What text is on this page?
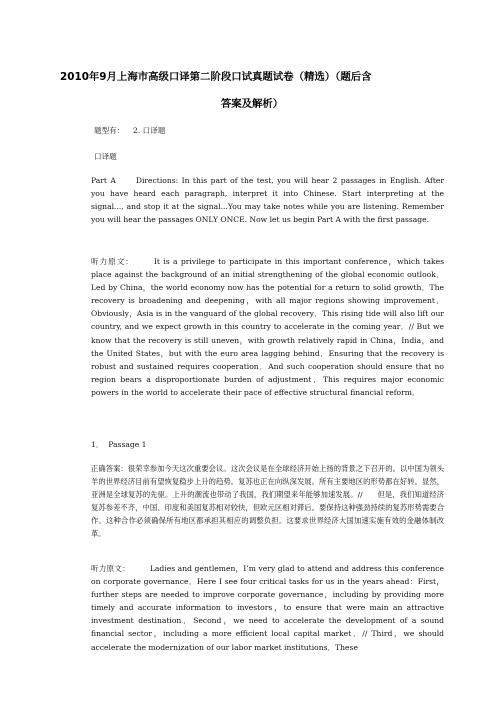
2010年9月上海市高级口译第二阶段口试真题试卷（精选）（题后含
答案及解析）
题型有： 2. 口译题
口译题
Part A	Directions: In this part of the test, you will hear 2 passages in English. After you have heard each paragraph, interpret it into Chinese. Start interpreting at the signal..., and stop it at the signal...You may take notes while you are listening. Remember you will hear the passages ONLY ONCE. Now let us begin Part A with the first passage.
听力原文：	It is a privilege to participate in this important conference，which takes place against the background of an initial strengthening of the global economic outlook．Led by China，the world economy now has the potential for a return to solid growth．The recovery is broadening and deepening，with all major regions showing improvement．Obviously，Asia is in the vanguard of the global recovery．This rising tide will also lift our country, and we expect growth in this country to accelerate in the coming year．// But we know that the recovery is still uneven，with growth relatively rapid in China，India，and the United States，but with the euro area lagging behind．Ensuring that the recovery is robust and sustained requires cooperation．And such cooperation should ensure that no region bears a disproportionate burden of adjustment．This requires major economic powers in the world to accelerate their pace of effective structural financial reform．
1． Passage 1
正确答案：很荣幸参加今天这次重要会议。这次会议是在全球经济开始上扬的背景之下召开的。以中国为领头羊的世界经济目前有望恢复稳步上升的趋势。复苏也正在向纵深发展。所有主要地区的形势都在好转。显然，亚洲是全球复苏的先驱。上升的潮流也带动了我国，我们期望来年能够加速发展。//　　但是，我们知道经济复苏参差不齐，中国、印度和美国复苏相对较快，但欧元区相对滞后。要保持这种强劲持续的复苏形势需要合作。这种合作必须确保所有地区都承担其相应的调整负担。这要求世界经济大国加速实施有效的金融体制改革。
听力原文：	Ladies and gentlemen，I’m very glad to attend and address this conference on corporate governance．Here I see four critical tasks for us in the years ahead：First，further steps are needed to improve corporate governance，including by providing more timely and accurate information to investors，to ensure that were main an attractive investment destination．Second，we need to accelerate the development of a sound financial sector，including a more efficient local capital market．// Third，we should accelerate the modernization of our labor market institutions．These
